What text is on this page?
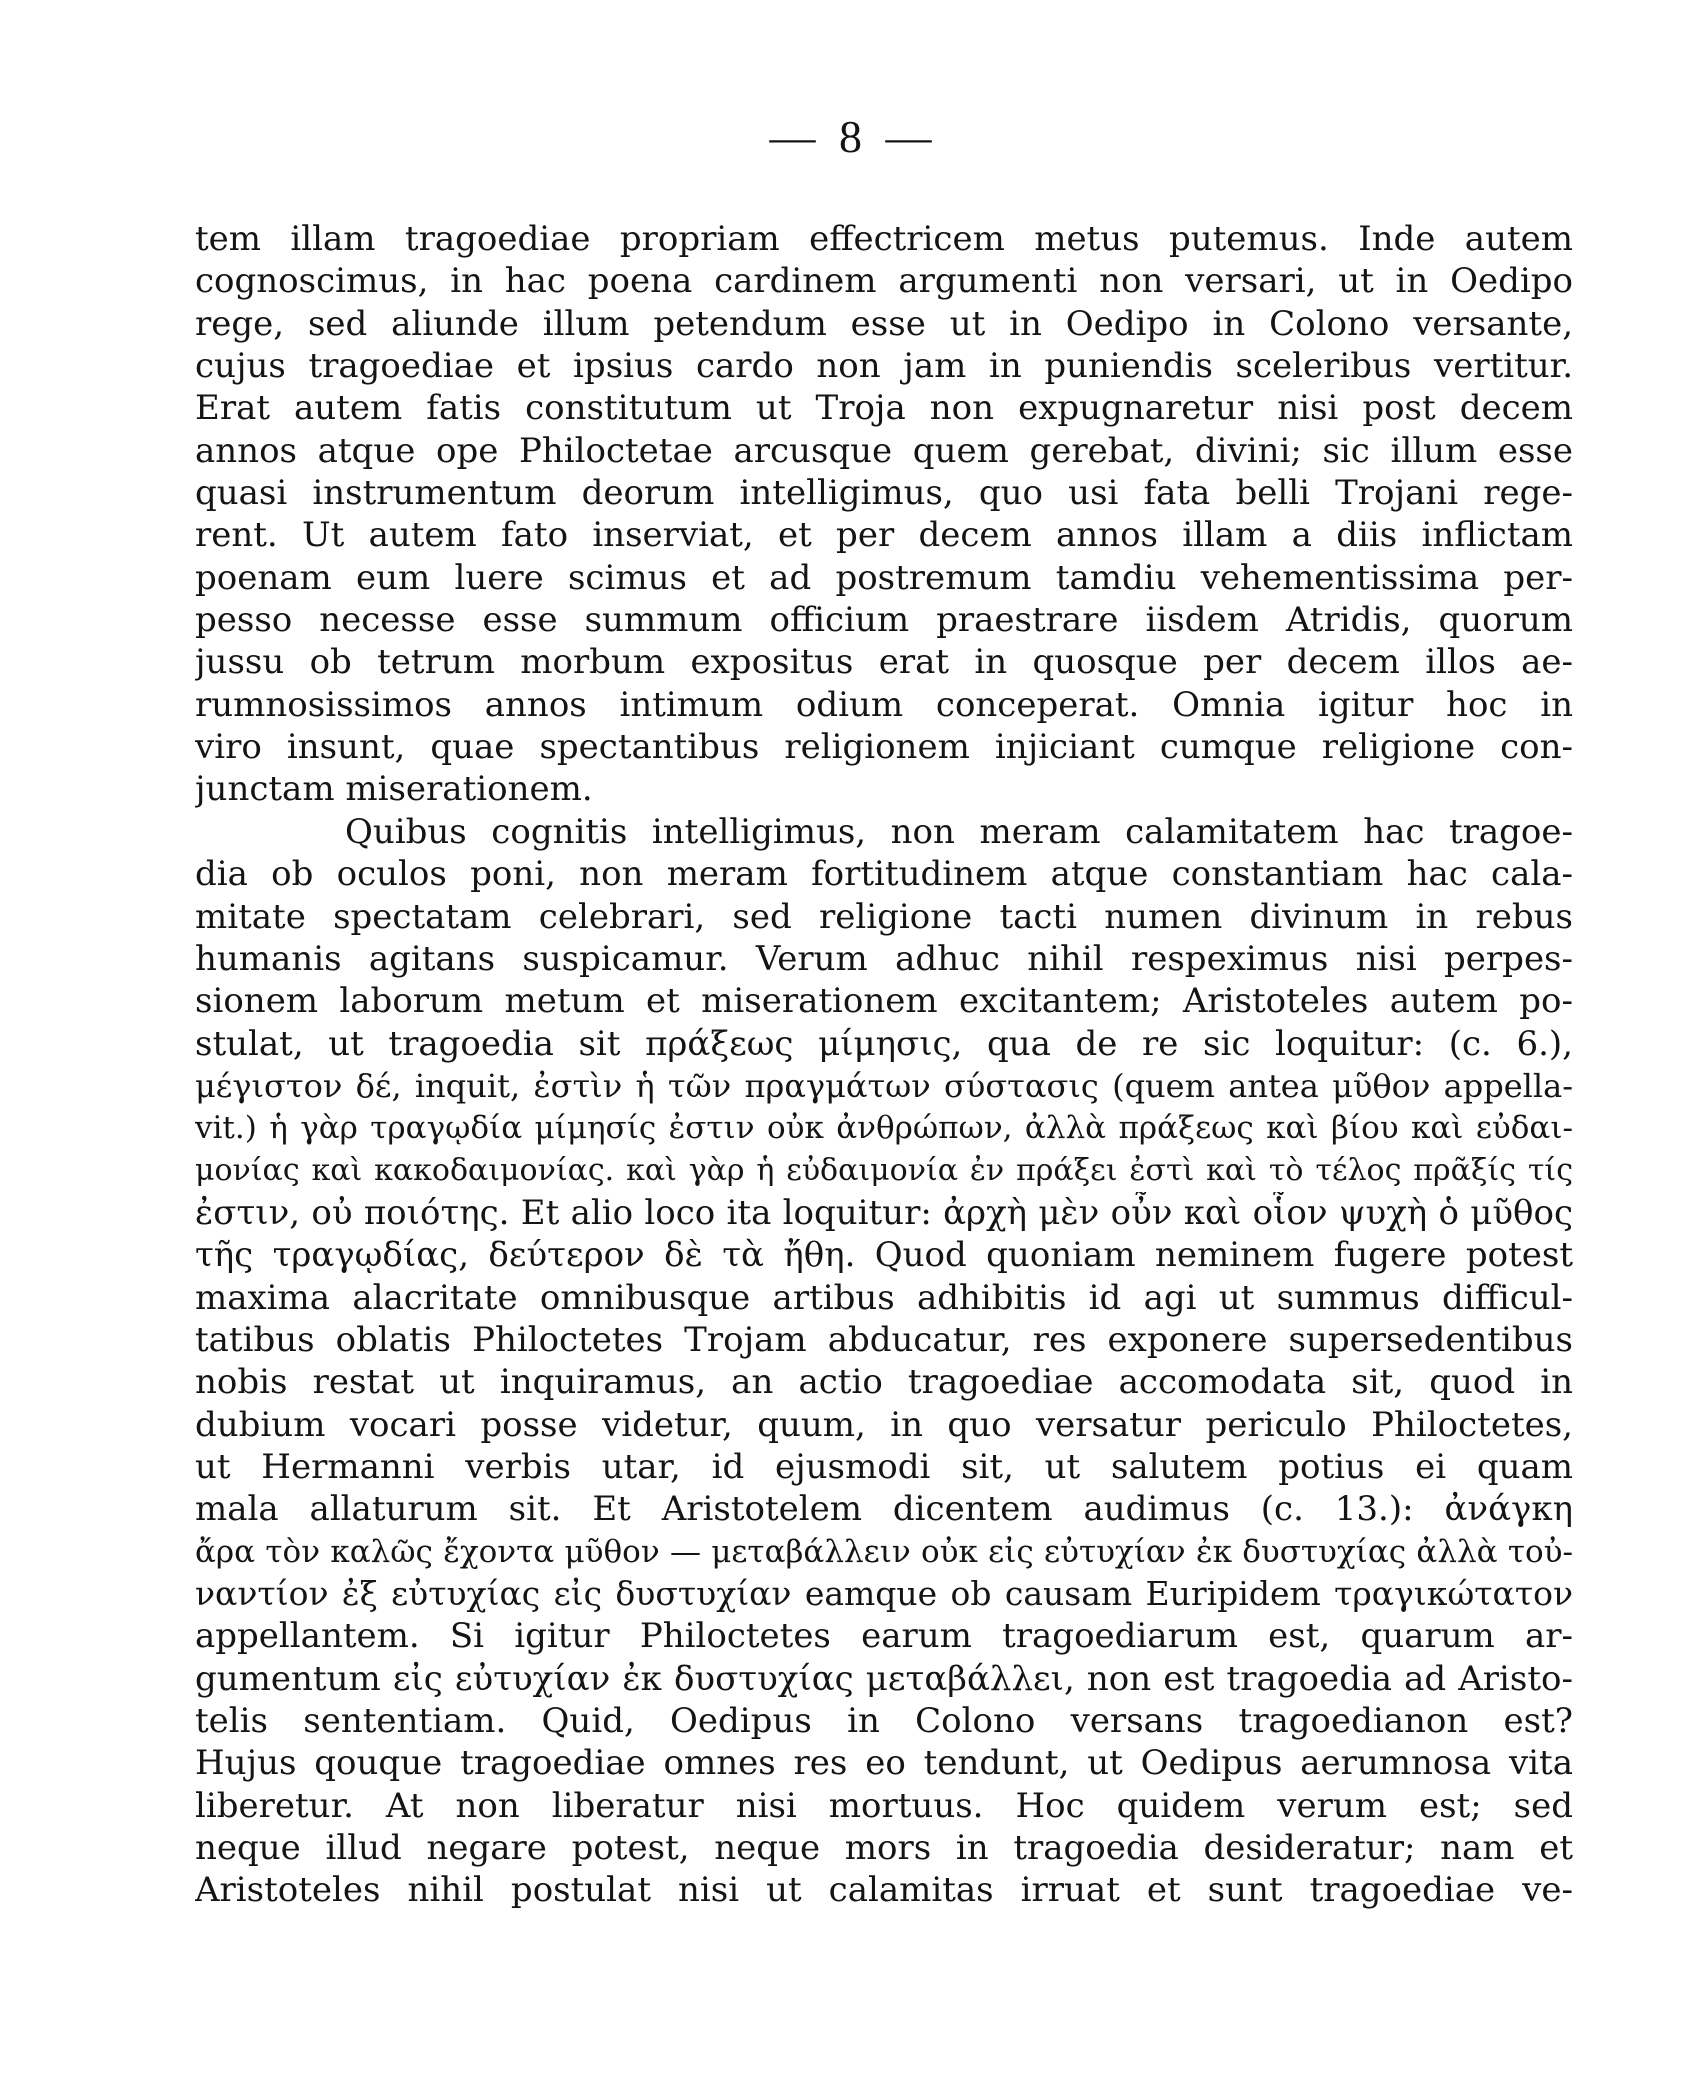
— 8 —
tem illam tragoediae propriam effectricem metus putemus. Inde autem
cognoscimus, in hac poena cardinem argumenti non versari, ut in Oedipo
rege, sed aliunde illum petendum esse ut in Oedipo in Colono versante,
cujus tragoediae et ipsius cardo non jam in puniendis sceleribus vertitur.
Erat autem fatis constitutum ut Troja non expugnaretur nisi post decem
annos atque ope Philoctetae arcusque quem gerebat, divini; sic illum esse
quasi instrumentum deorum intelligimus, quo usi fata belli Trojani rege-
rent. Ut autem fato inserviat, et per decem annos illam a diis inflictam
poenam eum luere scimus et ad postremum tamdiu vehementissima per-
pesso necesse esse summum officium praestrare iisdem Atridis, quorum
jussu ob tetrum morbum expositus erat in quosque per decem illos ae-
rumnosissimos annos intimum odium conceperat. Omnia igitur hoc in
viro insunt, quae spectantibus religionem injiciant cumque religione con-
junctam miserationem.
Quibus cognitis intelligimus, non meram calamitatem hac tragoe-
dia ob oculos poni, non meram fortitudinem atque constantiam hac cala-
mitate spectatam celebrari, sed religione tacti numen divinum in rebus
humanis agitans suspicamur. Verum adhuc nihil respeximus nisi perpes-
sionem laborum metum et miserationem excitantem; Aristoteles autem po-
stulat, ut tragoedia sit πράξεως μίμησις, qua de re sic loquitur: (c. 6.),
μέγιστον δέ, inquit, ἐστὶν ἡ τῶν πραγμάτων σύστασις (quem antea μῦθον appella-
vit.) ἡ γὰρ τραγῳδία μίμησίς ἐστιν οὐκ ἀνθρώπων, ἀλλὰ πράξεως καὶ βίου καὶ εὐδαι-
μονίας καὶ κακοδαιμονίας. καὶ γὰρ ἡ εὐδαιμονία ἐν πράξει ἐστὶ καὶ τὸ τέλος πρᾶξίς τίς
ἐστιν, οὐ ποιότης. Et alio loco ita loquitur: ἀρχὴ μὲν οὖν καὶ οἷον ψυχὴ ὁ μῦθος
τῆς τραγῳδίας, δεύτερον δὲ τὰ ἤθη. Quod quoniam neminem fugere potest
maxima alacritate omnibusque artibus adhibitis id agi ut summus difficul-
tatibus oblatis Philoctetes Trojam abducatur, res exponere supersedentibus
nobis restat ut inquiramus, an actio tragoediae accomodata sit, quod in
dubium vocari posse videtur, quum, in quo versatur periculo Philoctetes,
ut Hermanni verbis utar, id ejusmodi sit, ut salutem potius ei quam
mala allaturum sit. Et Aristotelem dicentem audimus (c. 13.): ἀνάγκη
ἄρα τὸν καλῶς ἔχοντα μῦθον — μεταβάλλειν οὐκ εἰς εὐτυχίαν ἐκ δυστυχίας ἀλλὰ τοὐ-
ναντίον ἐξ εὐτυχίας εἰς δυστυχίαν eamque ob causam Euripidem τραγικώτατον
appellantem. Si igitur Philoctetes earum tragoediarum est, quarum ar-
gumentum εἰς εὐτυχίαν ἐκ δυστυχίας μεταβάλλει, non est tragoedia ad Aristo-
telis sententiam. Quid, Oedipus in Colono versans tragoedianon est?
Hujus qouque tragoediae omnes res eo tendunt, ut Oedipus aerumnosa vita
liberetur. At non liberatur nisi mortuus. Hoc quidem verum est; sed
neque illud negare potest, neque mors in tragoedia desideratur; nam et
Aristoteles nihil postulat nisi ut calamitas irruat et sunt tragoediae ve-
